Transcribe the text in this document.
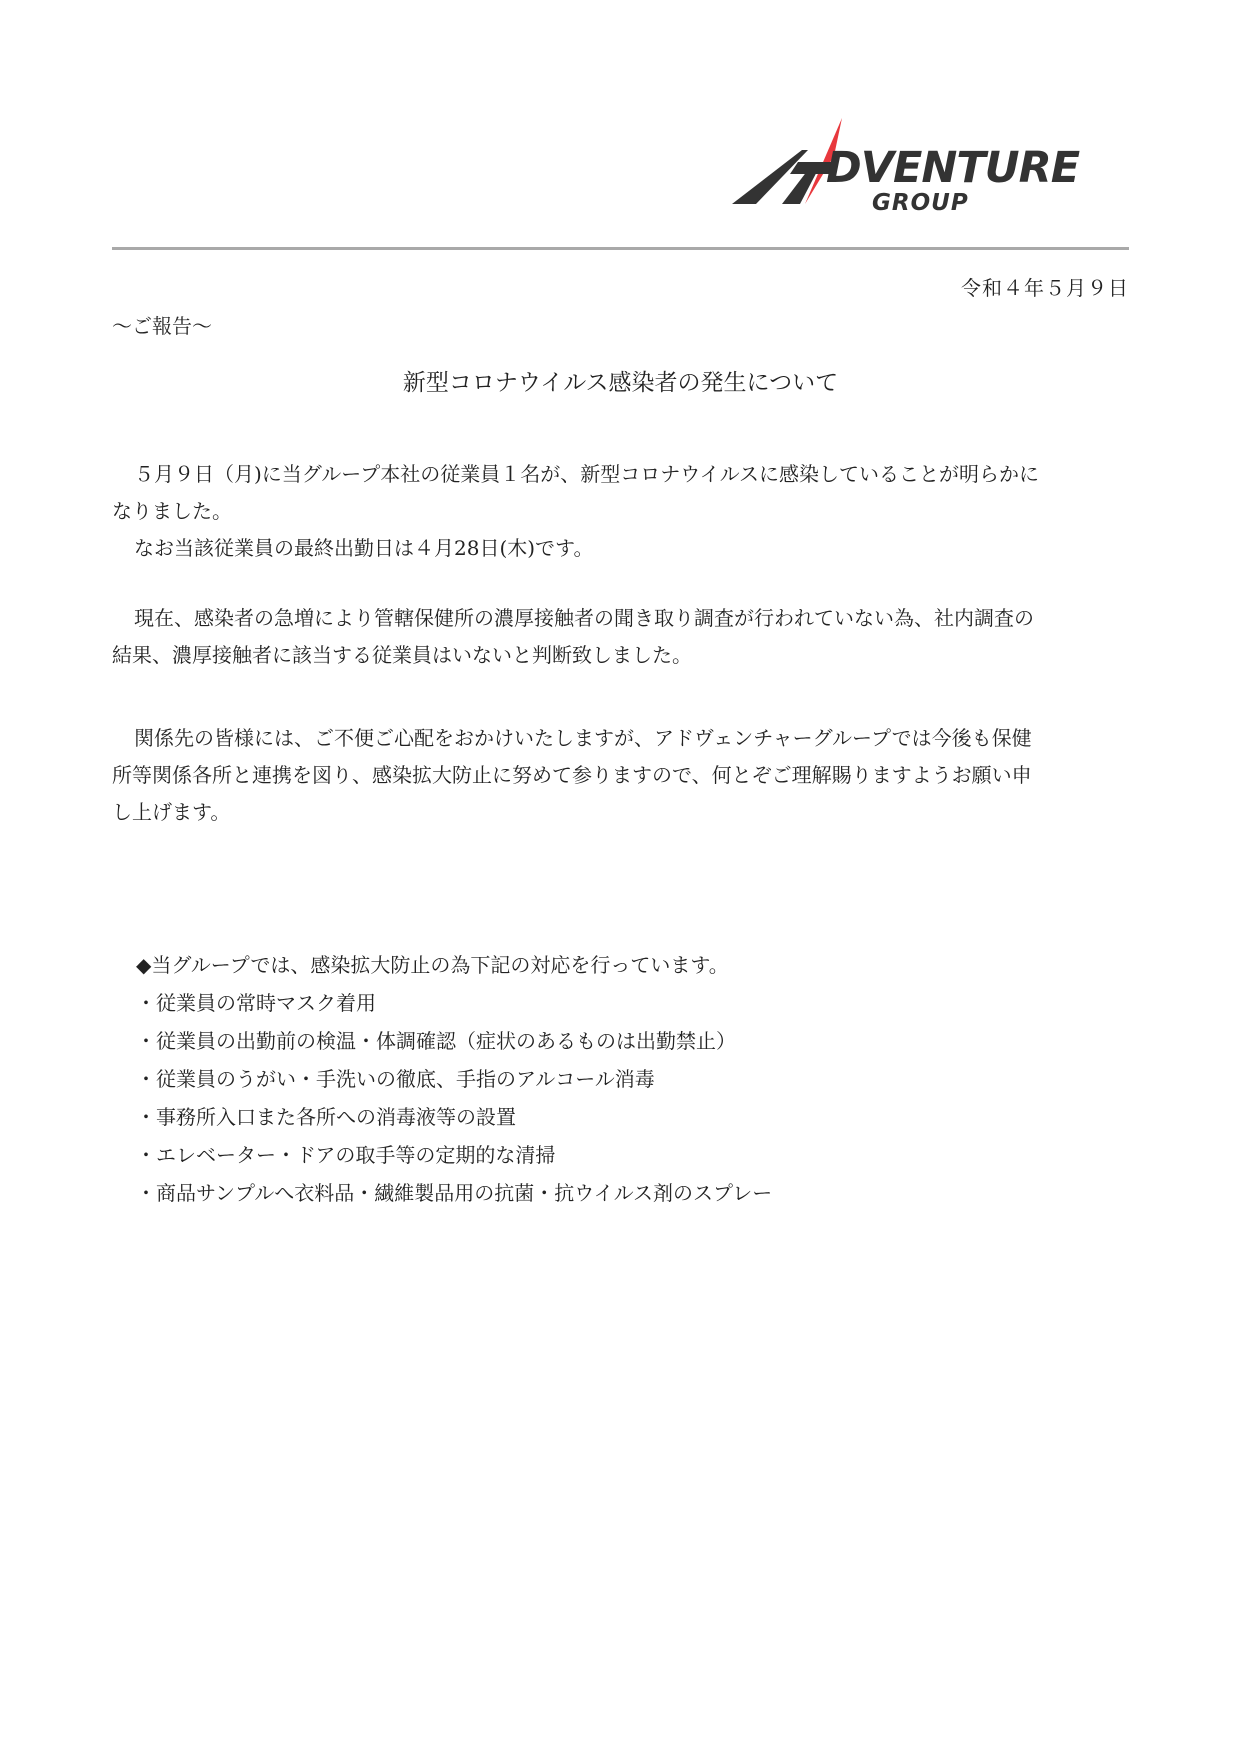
DVENTURE
GROUP
令和４年５月９日
～ご報告～
新型コロナウイルス感染者の発生について

５月９日（月)に当グループ本社の従業員１名が、新型コロナウイルスに感染していることが明らかに
なりました。
なお当該従業員の最終出勤日は４月28日(木)です。

現在、感染者の急増により管轄保健所の濃厚接触者の聞き取り調査が行われていない為、社内調査の
結果、濃厚接触者に該当する従業員はいないと判断致しました。

関係先の皆様には、ご不便ご心配をおかけいたしますが、アドヴェンチャーグループでは今後も保健
所等関係各所と連携を図り、感染拡大防止に努めて参りますので、何とぞご理解賜りますようお願い申
し上げます。

◆当グループでは、感染拡大防止の為下記の対応を行っています。
・従業員の常時マスク着用
・従業員の出勤前の検温・体調確認（症状のあるものは出勤禁止）
・従業員のうがい・手洗いの徹底、手指のアルコール消毒
・事務所入口また各所への消毒液等の設置
・エレベーター・ドアの取手等の定期的な清掃
・商品サンプルへ衣料品・繊維製品用の抗菌・抗ウイルス剤のスプレー
